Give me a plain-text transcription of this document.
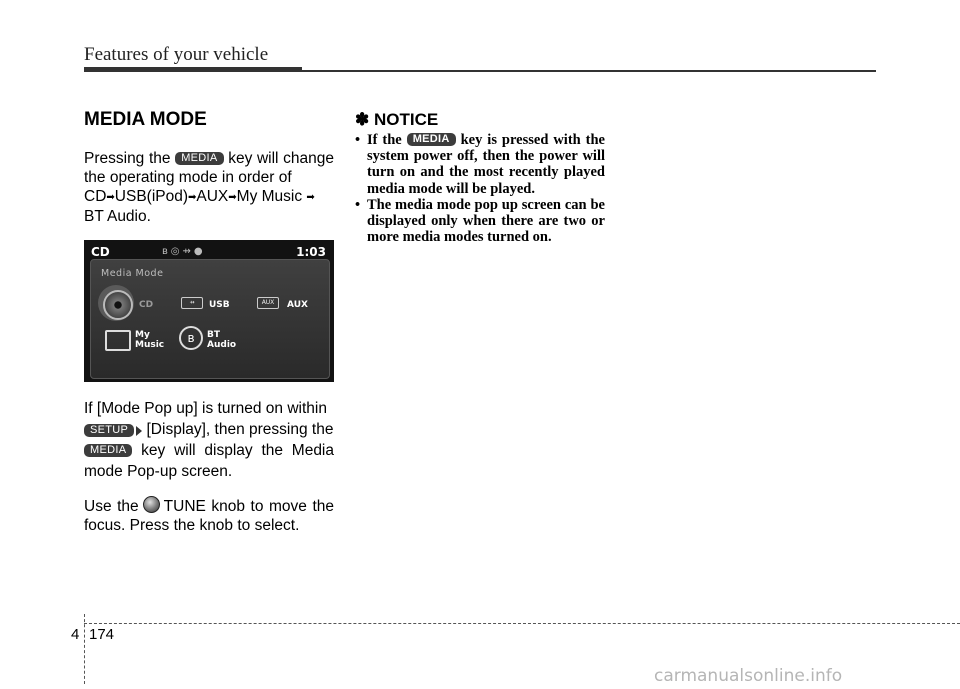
Features of your vehicle
MEDIA MODE

Pressing the MEDIA key will change the operating mode in order of
CD➡USB(iPod)➡AUX➡My Music ➡
BT Audio.

CD	ʙ◎⇸●	1:03
Media Mode
CD	⇸	USB	AUX	AUX
My
Music	ʙ	BT
Audio

If [Mode Pop up] is turned on within

SETUP	[Display], then pressing the
MEDIA key will display the Media mode Pop-up screen.

Use the TUNE knob to move the focus. Press the knob to select.

✽ NOTICE
• If the MEDIA key is pressed with the system power off, then the power will turn on and the most recently played media mode will be played.
• The media mode pop up screen can be displayed only when there are two or more media modes turned on.
4 174
carmanualsonline.info
